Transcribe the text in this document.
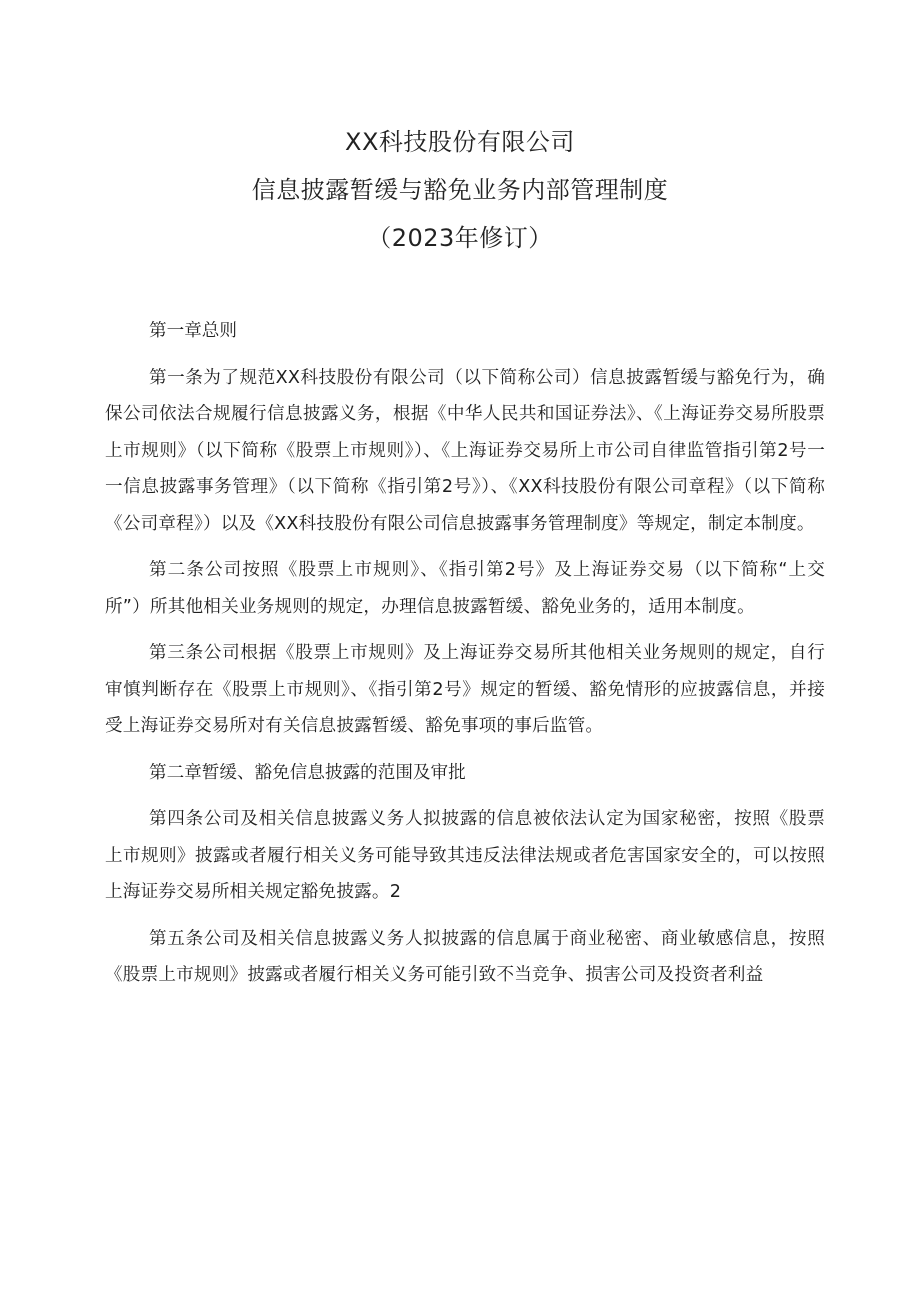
XX科技股份有限公司
信息披露暂缓与豁免业务内部管理制度
（2023年修订）
第一章总则
第一条为了规范XX科技股份有限公司（以下简称公司）信息披露暂缓与豁免行为，确保公司依法合规履行信息披露义务，根据《中华人民共和国证券法》、《上海证券交易所股票上市规则》（以下简称《股票上市规则》）、《上海证券交易所上市公司自律监管指引第2号一一信息披露事务管理》（以下简称《指引第2号》）、《XX科技股份有限公司章程》（以下简称《公司章程》）以及《XX科技股份有限公司信息披露事务管理制度》等规定，制定本制度。
第二条公司按照《股票上市规则》、《指引第2号》及上海证券交易（以下简称“上交所”）所其他相关业务规则的规定，办理信息披露暂缓、豁免业务的，适用本制度。
第三条公司根据《股票上市规则》及上海证券交易所其他相关业务规则的规定，自行审慎判断存在《股票上市规则》、《指引第2号》规定的暂缓、豁免情形的应披露信息，并接受上海证券交易所对有关信息披露暂缓、豁免事项的事后监管。
第二章暂缓、豁免信息披露的范围及审批
第四条公司及相关信息披露义务人拟披露的信息被依法认定为国家秘密，按照《股票上市规则》披露或者履行相关义务可能导致其违反法律法规或者危害国家安全的，可以按照上海证券交易所相关规定豁免披露。2
第五条公司及相关信息披露义务人拟披露的信息属于商业秘密、商业敏感信息，按照《股票上市规则》披露或者履行相关义务可能引致不当竞争、损害公司及投资者利益
